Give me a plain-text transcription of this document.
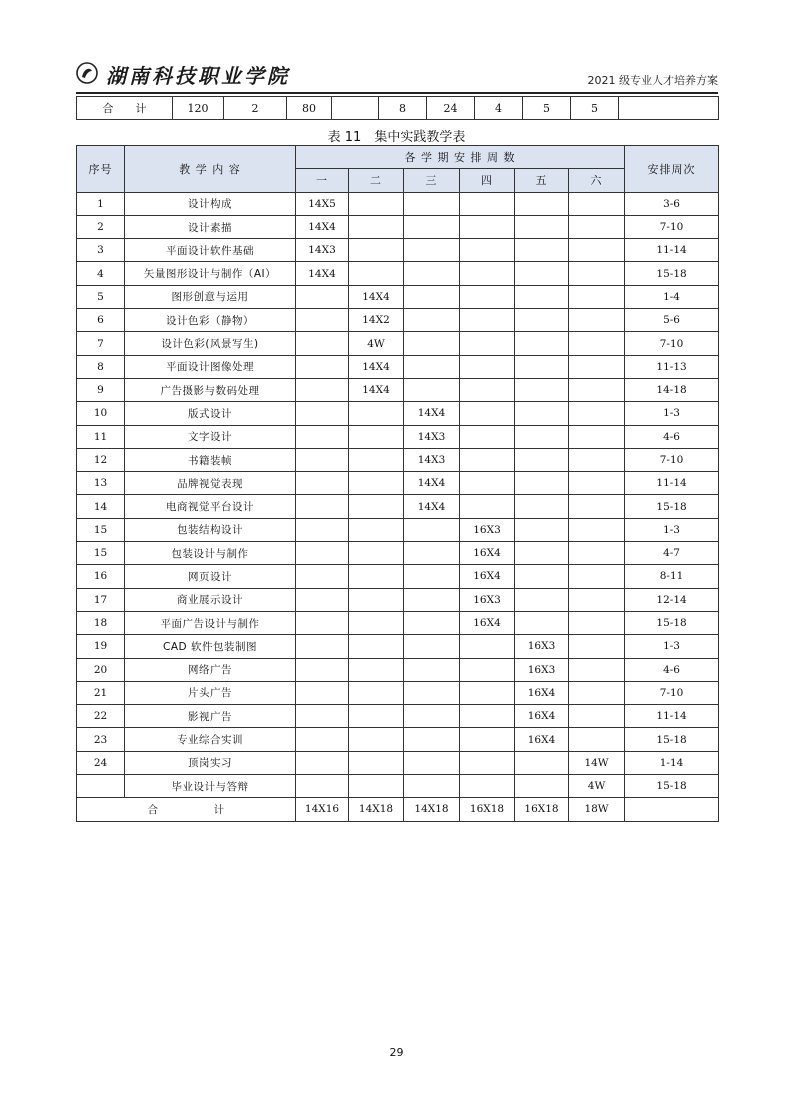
湖南科技职业学院	2021 级专业人才培养方案
合　　计	120	2	80		8	24	4	5	5	
表 11　集中实践教学表
序号	教 学 内 容	各 学 期 安 排 周 数						安排周次
		一	二	三	四	五	六	
1	设计构成	14X5						3-6
2	设计素描	14X4						7-10
3	平面设计软件基础	14X3						11-14
4	矢量图形设计与制作（AI）	14X4						15-18
5	图形创意与运用		14X4					1-4
6	设计色彩（静物）		14X2					5-6
7	设计色彩(风景写生)		4W					7-10
8	平面设计图像处理		14X4					11-13
9	广告摄影与数码处理		14X4					14-18
10	版式设计			14X4				1-3
11	文字设计			14X3				4-6
12	书籍装帧			14X3				7-10
13	品牌视觉表现			14X4				11-14
14	电商视觉平台设计			14X4				15-18
15	包装结构设计				16X3			1-3
15	包装设计与制作				16X4			4-7
16	网页设计				16X4			8-11
17	商业展示设计				16X3			12-14
18	平面广告设计与制作				16X4			15-18
19	CAD 软件包装制图					16X3		1-3
20	网络广告					16X3		4-6
21	片头广告					16X4		7-10
22	影视广告					16X4		11-14
23	专业综合实训					16X4		15-18
24	顶岗实习						14W	1-14
	毕业设计与答辩						4W	15-18
合　　　　　计		14X16	14X18	14X18	16X18	16X18	18W	
29
